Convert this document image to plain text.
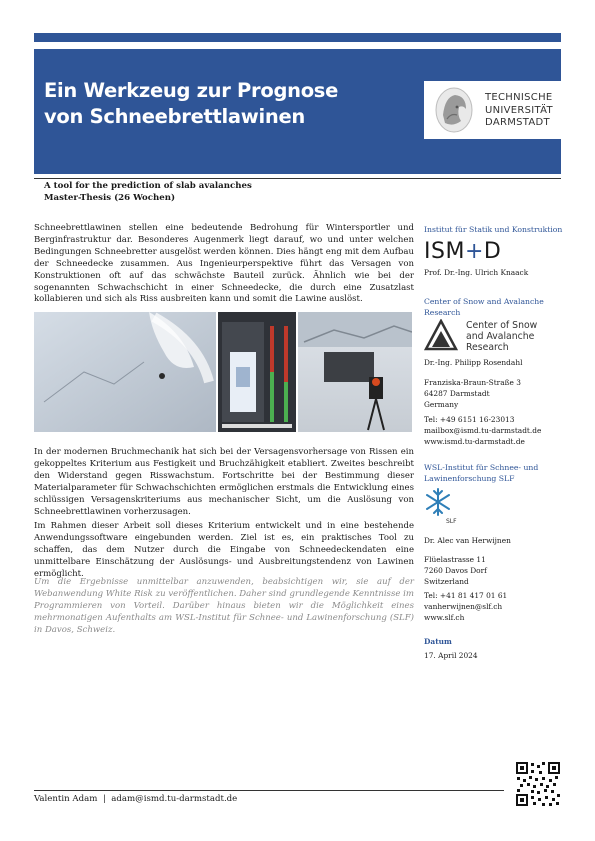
Ein Werkzeug zur Prognose
von Schneebrettlawinen
TECHNISCHE
UNIVERSITÄT
DARMSTADT
A tool for the prediction of slab avalanches
Master-Thesis (26 Wochen)
Schneebrettlawinen stellen eine bedeutende Bedrohung für Wintersportler und Berginfrastruktur dar. Besonderes Augenmerk liegt darauf, wo und unter welchen Bedingungen Schneebretter ausgelöst werden können. Dies hängt eng mit dem Aufbau der Schneedecke zusammen. Aus Ingenieurperspektive führt das Versagen von Konstruktionen oft auf das schwächste Bauteil zurück. Ähnlich wie bei der sogenannten Schwachschicht in einer Schneedecke, die durch eine Zusatzlast kollabieren und sich als Riss ausbreiten kann und somit die Lawine auslöst.
In der modernen Bruchmechanik hat sich bei der Versagensvorhersage von Rissen ein gekoppeltes Kriterium aus Festigkeit und Bruchzähigkeit etabliert. Zweites beschreibt den Widerstand gegen Risswachstum. Fortschritte bei der Bestimmung dieser Materialparameter für Schwachschichten ermöglichen erstmals die Entwicklung eines schlüssigen Versagenskriteriums aus mechanischer Sicht, um die Auslösung von Schneebrettlawinen vorherzusagen.
Im Rahmen dieser Arbeit soll dieses Kriterium entwickelt und in eine bestehende Anwendungssoftware eingebunden werden. Ziel ist es, ein praktisches Tool zu schaffen, das dem Nutzer durch die Eingabe von Schneedeckendaten eine unmittelbare Einschätzung der Auslösungs- und Ausbreitungstendenz von Lawinen ermöglicht.
Um die Ergebnisse unmittelbar anzuwenden, beabsichtigen wir, sie auf der Webanwendung White Risk zu veröffentlichen. Daher sind grundlegende Kenntnisse im Programmieren von Vorteil. Darüber hinaus bieten wir die Möglichkeit eines mehrmonatigen Aufenthalts am WSL-Institut für Schnee- und Lawinenforschung (SLF) in Davos, Schweiz.
Institut für Statik und Konstruktion
ISM+D
Prof. Dr.-Ing. Ulrich Knaack
Center of Snow and Avalanche Research
Center of Snow
and Avalanche
Research
Dr.-Ing. Philipp Rosendahl
Franziska-Braun-Straße 3
64287 Darmstadt
Germany
Tel: +49 6151 16-23013
mailbox@ismd.tu-darmstadt.de
www.ismd.tu-darmstadt.de
WSL-Institut für Schnee- und Lawinenforschung SLF
SLF
Dr. Alec van Herwijnen
Flüelastrasse 11
7260 Davos Dorf
Switzerland
Tel: +41 81 417 01 61
vanherwijnen@slf.ch
www.slf.ch
Datum
17. April 2024
Valentin Adam | adam@ismd.tu-darmstadt.de
